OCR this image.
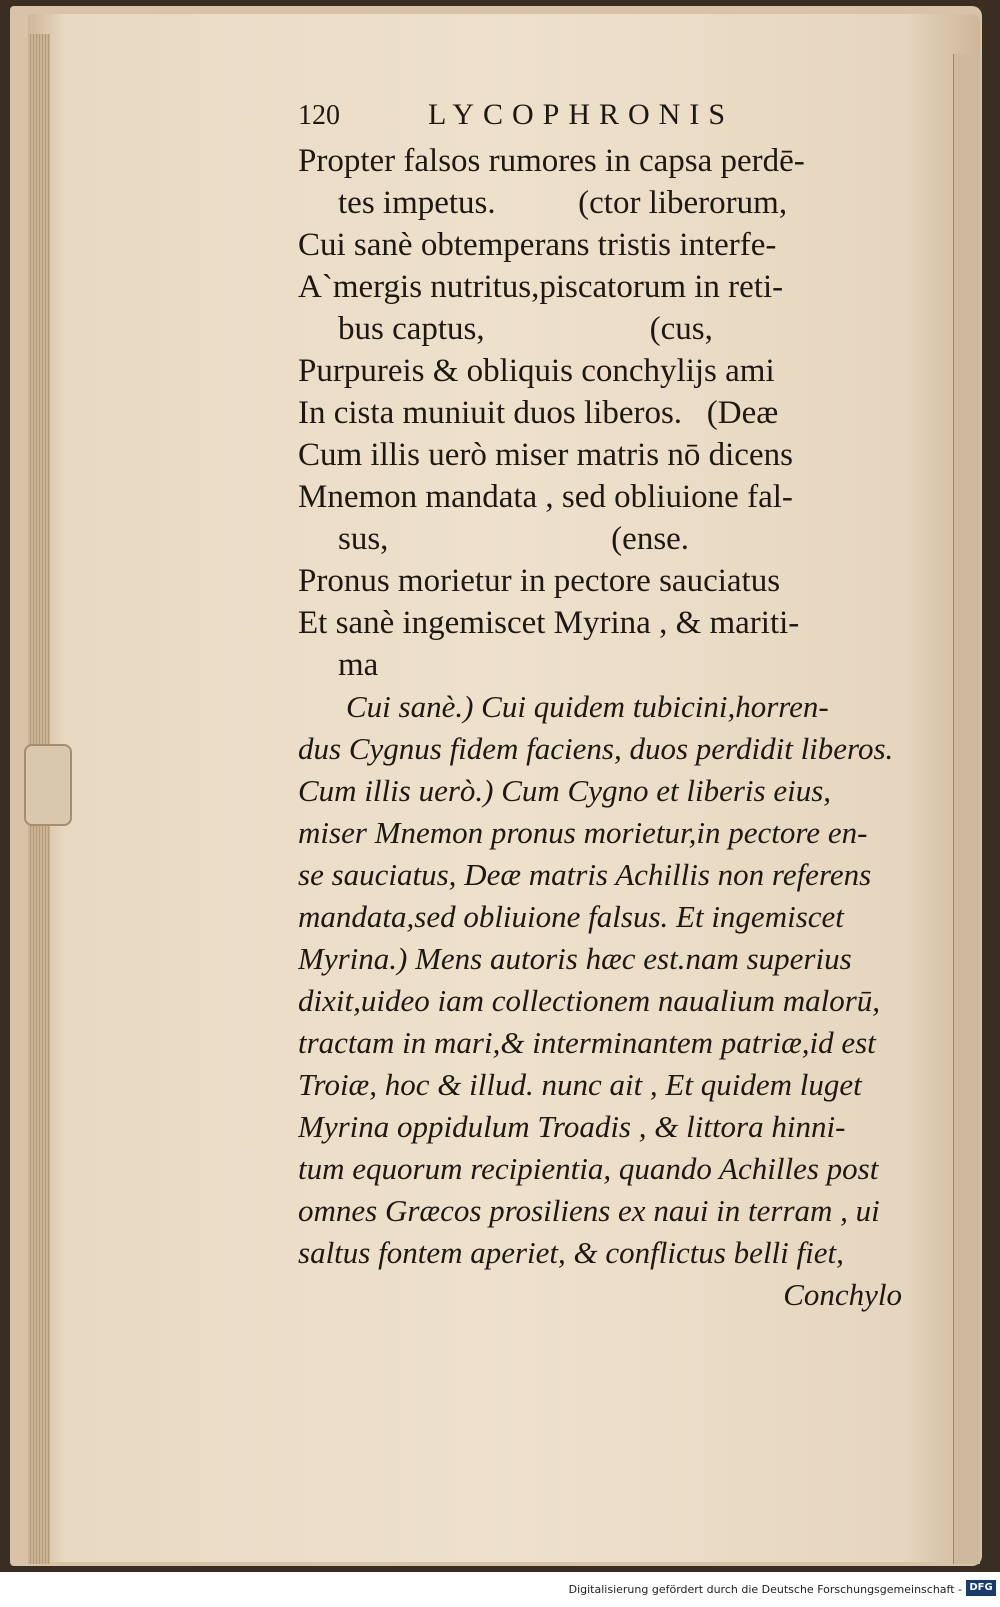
120	LYCOPHRONIS
Propter falsos rumores in capsa perdē-
tes impetus.          (ctor liberorum,
Cui sanè obtemperans tristis interfe-
A`mergis nutritus,piscatorum in reti-
bus captus,                    (cus,
Purpureis & obliquis conchylijs ami
In cista muniuit duos liberos.   (Deæ
Cum illis uerò miser matris nō dicens
Mnemon mandata , sed obliuione fal-
sus,                           (ense.
Pronus morietur in pectore sauciatus
Et sanè ingemiscet Myrina , & mariti-
ma
Cui sanè.) Cui quidem tubicini,horren-
dus Cygnus fidem faciens, duos perdidit liberos.
Cum illis uerò.) Cum Cygno et liberis eius,
miser Mnemon pronus morietur,in pectore en-
se sauciatus, Deæ matris Achillis non referens
mandata,sed obliuione falsus. Et ingemiscet
Myrina.) Mens autoris hæc est.nam superius
dixit,uideo iam collectionem naualium malorū,
tractam in mari,& interminantem patriæ,id est
Troiæ, hoc & illud. nunc ait , Et quidem luget
Myrina oppidulum Troadis , & littora hinni-
tum equorum recipientia, quando Achilles post
omnes Græcos prosiliens ex naui in terram , ui
saltus fontem aperiet, & conflictus belli fiet,
Conchylo
Digitalisierung gefördert durch die Deutsche Forschungsgemeinschaft - DFG
